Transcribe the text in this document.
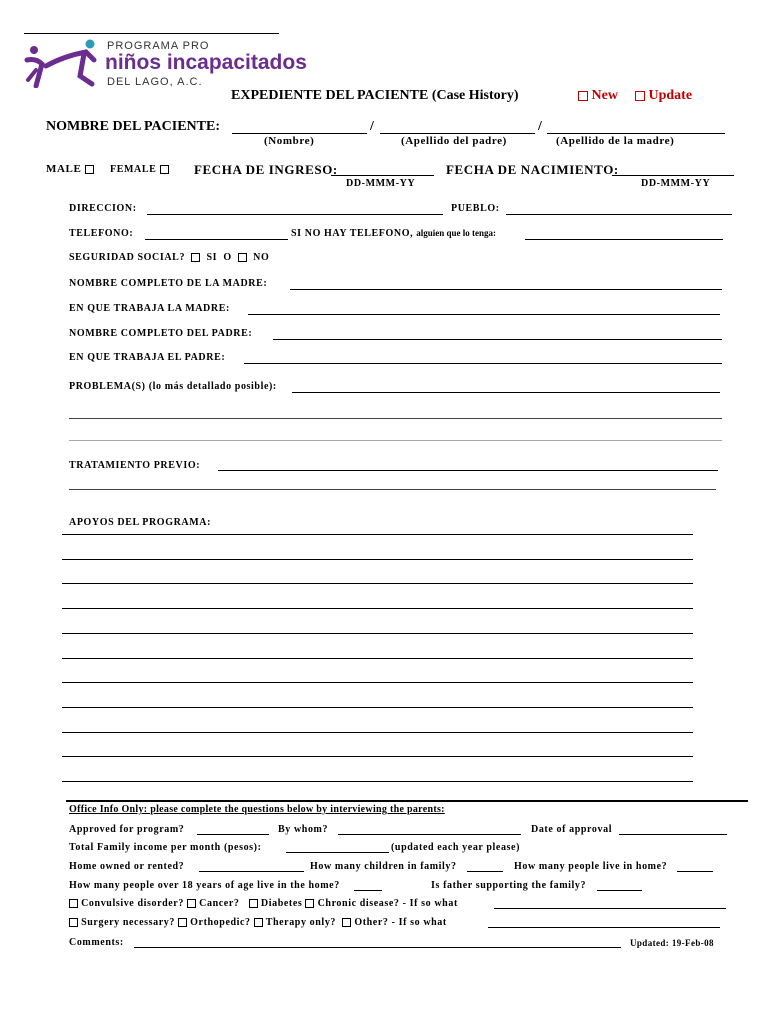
PROGRAMA PRO
niños incapacitados
DEL LAGO, A.C.
EXPEDIENTE DEL PACIENTE (Case History)	New	Update
NOMBRE DEL PACIENTE:	/	/
(Nombre)	(Apellido del padre)	(Apellido de la madre)
MALE	FEMALE	FECHA DE INGRESO:	FECHA DE NACIMIENTO:
DD-MMM-YY	DD-MMM-YY
DIRECCION:	PUEBLO:
TELEFONO:	SI NO HAY TELEFONO, alguien que lo tenga:
SEGURIDAD SOCIAL? SI O NO
NOMBRE COMPLETO DE LA MADRE:
EN QUE TRABAJA LA MADRE:
NOMBRE COMPLETO DEL PADRE:
EN QUE TRABAJA EL PADRE:
PROBLEMA(S) (lo más detallado posible):
TRATAMIENTO PREVIO:
APOYOS DEL PROGRAMA:
Office Info Only: please complete the questions below by interviewing the parents:
Approved for program?	By whom?	Date of approval
Total Family income per month (pesos):	(updated each year please)
Home owned or rented?	How many children in family?	How many people live in home?
How many people over 18 years of age live in the home?	Is father supporting the family?
Convulsive disorder? Cancer? Diabetes Chronic disease? - If so what
Surgery necessary? Orthopedic? Therapy only? Other? - If so what
Comments:	Updated: 19-Feb-08
